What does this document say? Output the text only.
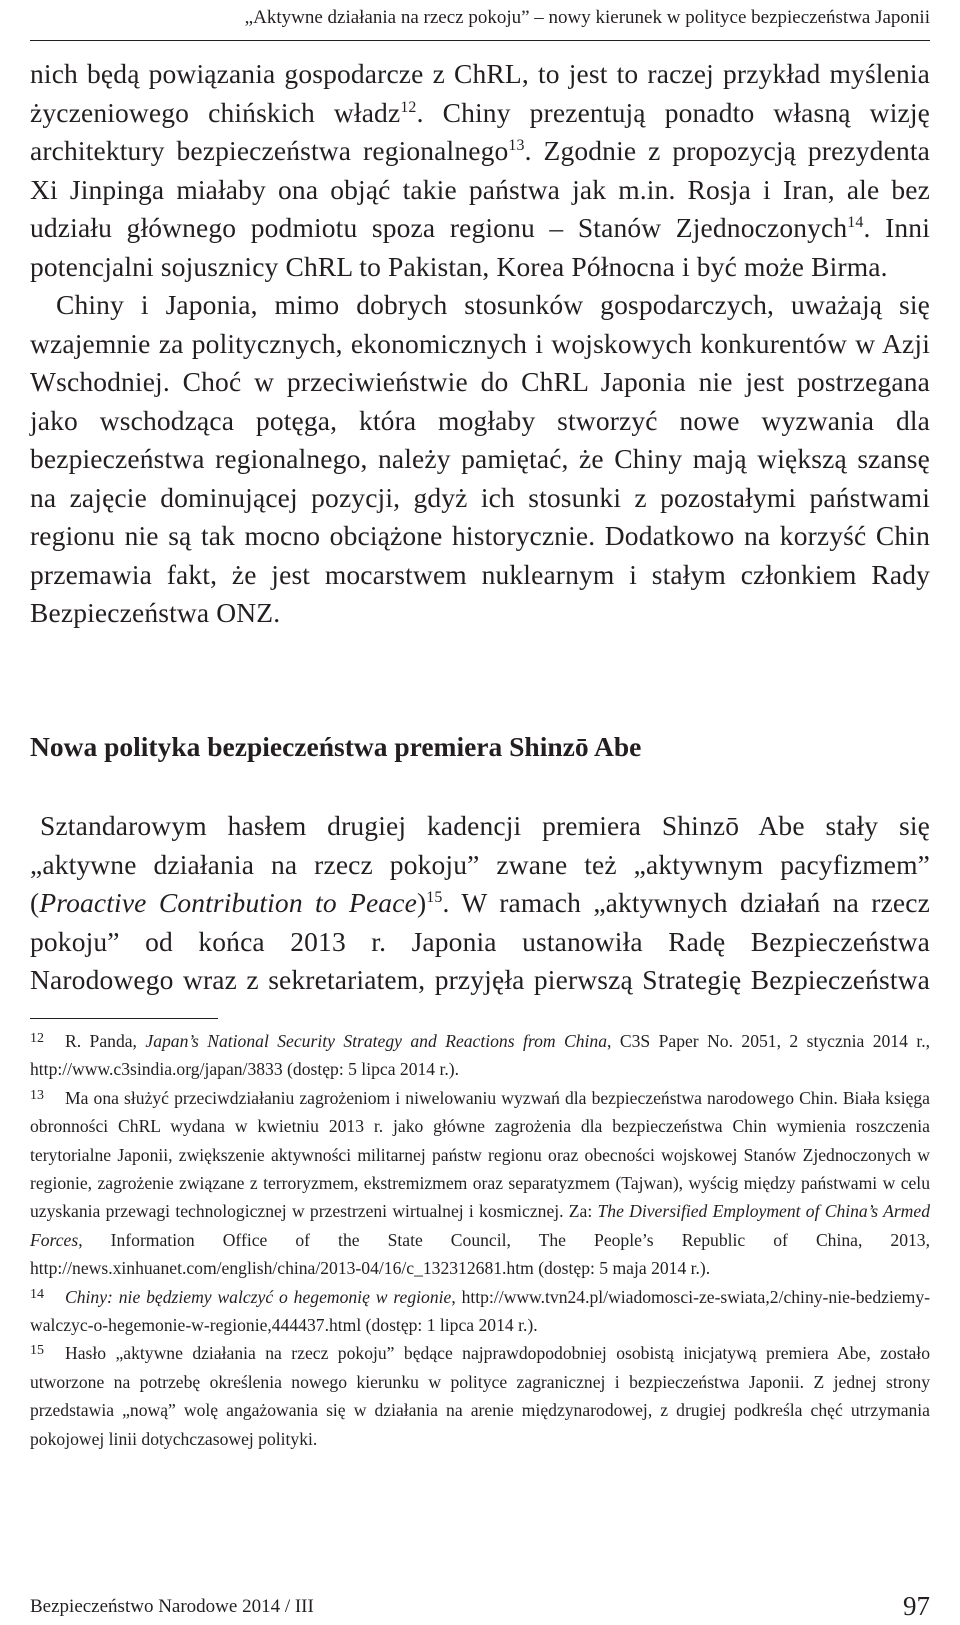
„Aktywne działania na rzecz pokoju” – nowy kierunek w polityce bezpieczeństwa Japonii

nich będą powiązania gospodarcze z ChRL, to jest to raczej przykład myślenia życzeniowego chińskich władz$^{12}$. Chiny prezentują ponadto własną wizję architektury bezpieczeństwa regionalnego$^{13}$. Zgodnie z propozycją prezydenta Xi Jinpinga miałaby ona objąć takie państwa jak m.in. Rosja i Iran, ale bez udziału głównego podmiotu spoza regionu – Stanów Zjednoczonych$^{14}$. Inni potencjalni sojusznicy ChRL to Pakistan, Korea Północna i być może Birma.

Chiny i Japonia, mimo dobrych stosunków gospodarczych, uważają się wzajemnie za politycznych, ekonomicznych i wojskowych konkurentów w Azji Wschodniej. Choć w przeciwieństwie do ChRL Japonia nie jest postrzegana jako wschodząca potęga, która mogłaby stworzyć nowe wyzwania dla bezpieczeństwa regionalnego, należy pamiętać, że Chiny mają większą szansę na zajęcie dominującej pozycji, gdyż ich stosunki z pozostałymi państwami regionu nie są tak mocno obciążone historycznie. Dodatkowo na korzyść Chin przemawia fakt, że jest mocarstwem nuklearnym i stałym członkiem Rady Bezpieczeństwa ONZ.

Nowa polityka bezpieczeństwa premiera Shinzō Abe

Sztandarowym hasłem drugiej kadencji premiera Shinzō Abe stały się „aktywne działania na rzecz pokoju” zwane też „aktywnym pacyfizmem” (Proactive Contribution to Peace)$^{15}$. W ramach „aktywnych działań na rzecz pokoju” od końca 2013 r. Japonia ustanowiła Radę Bezpieczeństwa Narodowego wraz z sekretariatem, przyjęła pierwszą Strategię Bezpieczeństwa

12 R. Panda, Japan’s National Security Strategy and Reactions from China, C3S Paper No. 2051, 2 stycznia 2014 r., http://www.c3sindia.org/japan/3833 (dostęp: 5 lipca 2014 r.).

13 Ma ona służyć przeciwdziałaniu zagrożeniom i niwelowaniu wyzwań dla bezpieczeństwa narodowego Chin. Biała księga obronności ChRL wydana w kwietniu 2013 r. jako główne zagrożenia dla bezpieczeństwa Chin wymienia roszczenia terytorialne Japonii, zwiększenie aktywności militarnej państw regionu oraz obecności wojskowej Stanów Zjednoczonych w regionie, zagrożenie związane z terroryzmem, ekstremizmem oraz separatyzmem (Tajwan), wyścig między państwami w celu uzyskania przewagi technologicznej w przestrzeni wirtualnej i kosmicznej. Za: The Diversified Employment of China’s Armed Forces, Information Office of the State Council, The People’s Republic of China, 2013, http://news.xinhuanet.com/english/china/2013-04/16/c_132312681.htm (dostęp: 5 maja 2014 r.).

14 Chiny: nie będziemy walczyć o hegemonię w regionie, http://www.tvn24.pl/wiadomosci-ze-swiata,2/chiny-nie-bedziemy-walczyc-o-hegemonie-w-regionie,444437.html (dostęp: 1 lipca 2014 r.).

15 Hasło „aktywne działania na rzecz pokoju” będące najprawdopodobniej osobistą inicjatywą premiera Abe, zostało utworzone na potrzebę określenia nowego kierunku w polityce zagranicznej i bezpieczeństwa Japonii. Z jednej strony przedstawia „nową” wolę angażowania się w działania na arenie międzynarodowej, z drugiej podkreśla chęć utrzymania pokojowej linii dotychczasowej polityki.

Bezpieczeństwo Narodowe 2014 / III	97
